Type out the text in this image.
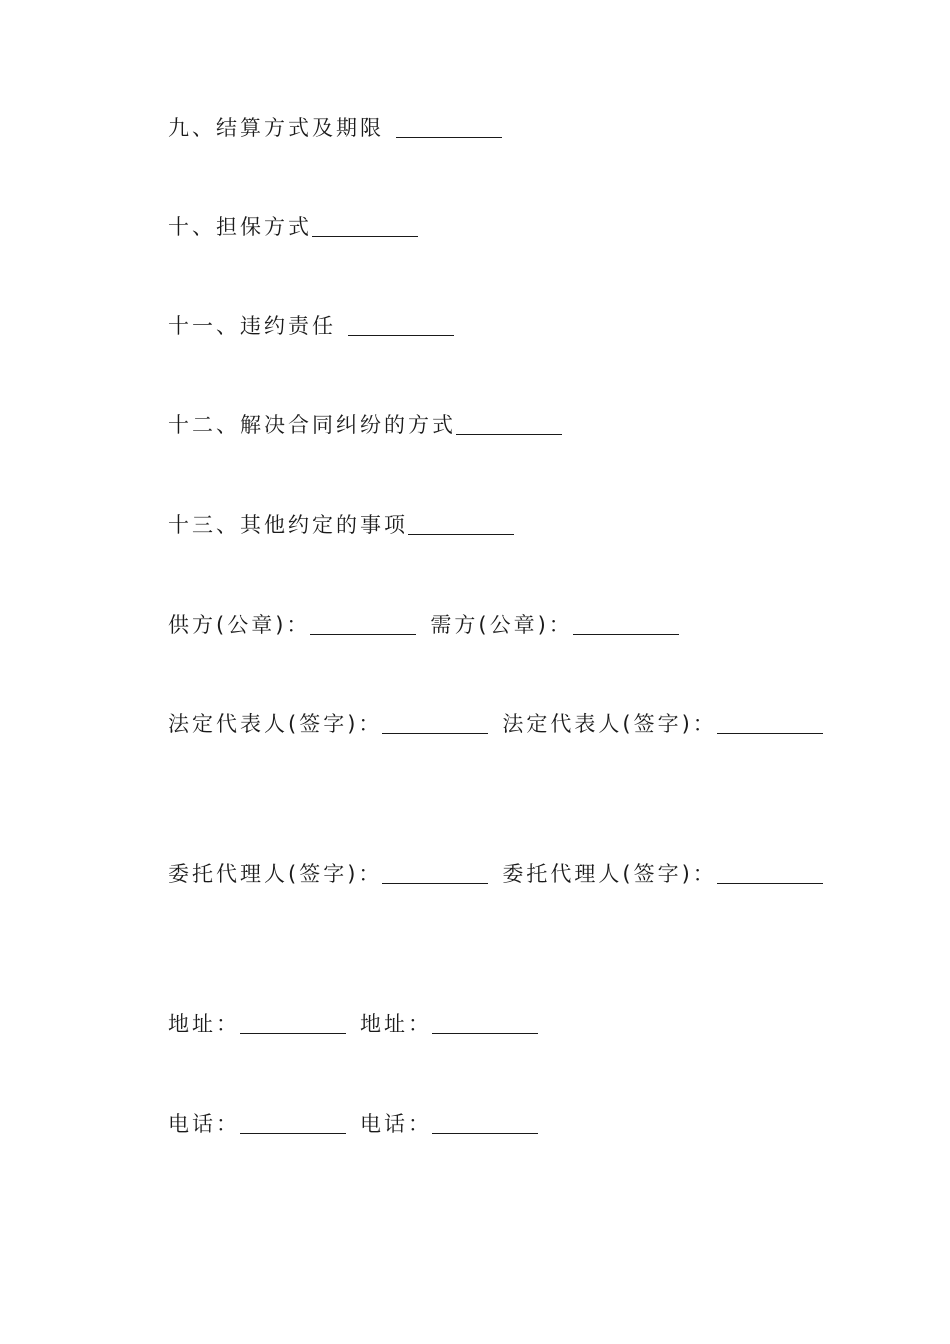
九、结算方式及期限
十、担保方式
十一、违约责任
十二、解决合同纠纷的方式
十三、其他约定的事项
供方(公章)：	需方(公章)：
法定代表人(签字)：	法定代表人(签字)：
委托代理人(签字)：	委托代理人(签字)：
地址：	地址：
电话：	电话：
